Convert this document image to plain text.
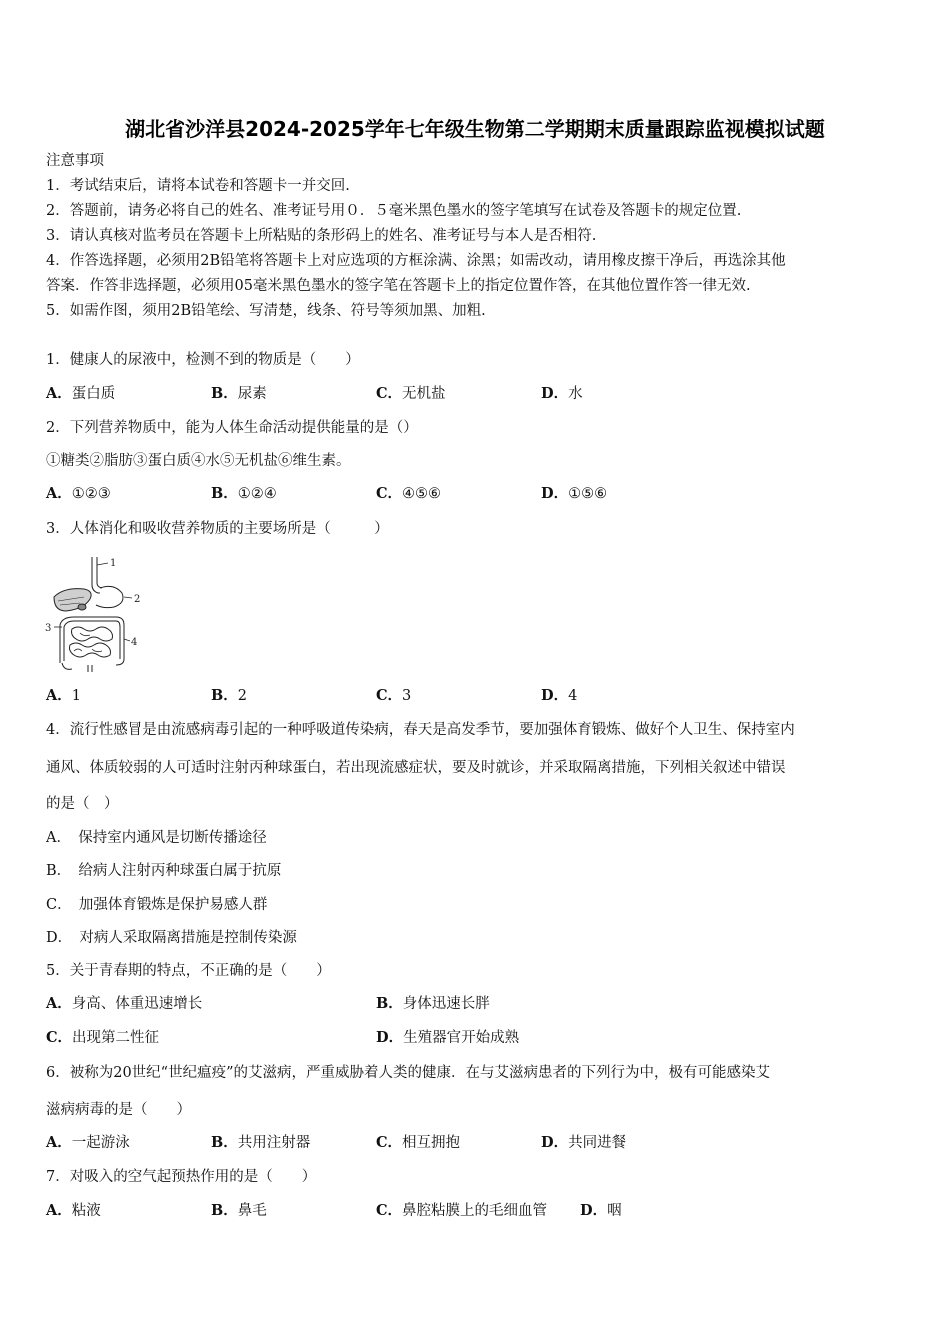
湖北省沙洋县2024-2025学年七年级生物第二学期期末质量跟踪监视模拟试题
注意事项
1．考试结束后，请将本试卷和答题卡一并交回.
2．答题前，请务必将自己的姓名、准考证号用０．５毫米黑色墨水的签字笔填写在试卷及答题卡的规定位置.
3．请认真核对监考员在答题卡上所粘贴的条形码上的姓名、准考证号与本人是否相符.
4．作答选择题，必须用2B铅笔将答题卡上对应选项的方框涂满、涂黑；如需改动，请用橡皮擦干净后，再选涂其他
答案．作答非选择题，必须用05毫米黑色墨水的签字笔在答题卡上的指定位置作答，在其他位置作答一律无效.
5．如需作图，须用2B铅笔绘、写清楚，线条、符号等须加黑、加粗.
1．健康人的尿液中，检测不到的物质是（　　）
A．蛋白质	B．尿素	C．无机盐	D．水
2．下列营养物质中，能为人体生命活动提供能量的是（）
①糖类②脂肪③蛋白质④水⑤无机盐⑥维生素。
A．①②③	B．①②④	C．④⑤⑥	D．①⑤⑥
3．人体消化和吸收营养物质的主要场所是（　　　）
1
2
3
4
A．1	B．2	C．3	D．4
4．流行性感冒是由流感病毒引起的一种呼吸道传染病，春天是高发季节，要加强体育锻炼、做好个人卫生、保持室内
通风、体质较弱的人可适时注射丙种球蛋白，若出现流感症状，要及时就诊，并采取隔离措施，下列相关叙述中错误
的是（　）
A．　保持室内通风是切断传播途径
B．　给病人注射丙种球蛋白属于抗原
C．　加强体育锻炼是保护易感人群
D．　对病人采取隔离措施是控制传染源
5．关于青春期的特点，不正确的是（　　）
A．身高、体重迅速增长	B．身体迅速长胖
C．出现第二性征	D．生殖器官开始成熟
6．被称为20世纪“世纪瘟疫”的艾滋病，严重威胁着人类的健康．在与艾滋病患者的下列行为中，极有可能感染艾
滋病病毒的是（　　）
A．一起游泳	B．共用注射器	C．相互拥抱	D．共同进餐
7．对吸入的空气起预热作用的是（　　）
A．粘液	B．鼻毛	C．鼻腔粘膜上的毛细血管 D．咽
